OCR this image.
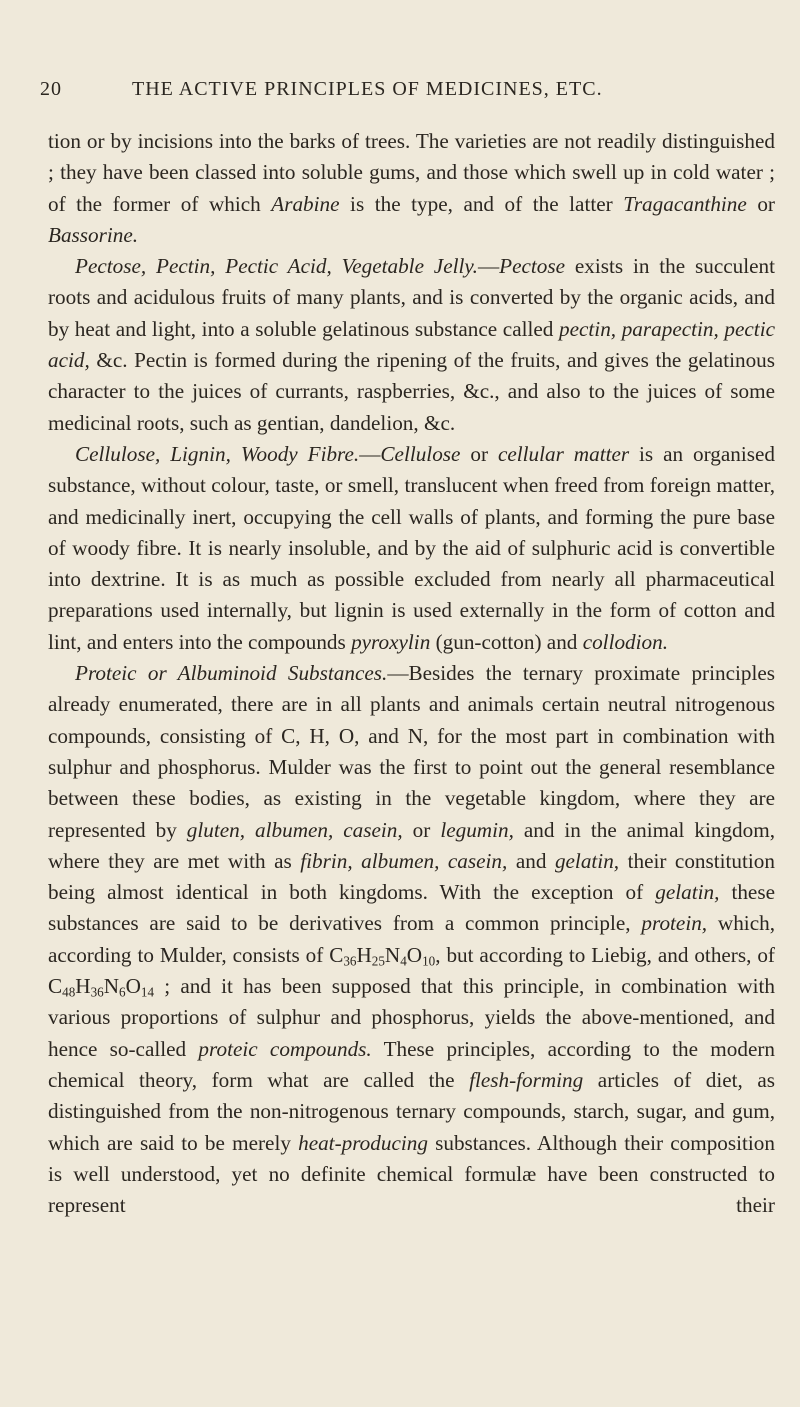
20	THE ACTIVE PRINCIPLES OF MEDICINES, ETC.

tion or by incisions into the barks of trees. The varieties are not readily distinguished ; they have been classed into soluble gums, and those which swell up in cold water ; of the former of which Arabine is the type, and of the latter Tragacanthine or Bassorine.

Pectose, Pectin, Pectic Acid, Vegetable Jelly.—Pectose exists in the succulent roots and acidulous fruits of many plants, and is converted by the organic acids, and by heat and light, into a soluble gelatinous substance called pectin, parapectin, pectic acid, &c. Pectin is formed during the ripening of the fruits, and gives the gelatinous character to the juices of currants, raspberries, &c., and also to the juices of some medicinal roots, such as gentian, dandelion, &c.

Cellulose, Lignin, Woody Fibre.—Cellulose or cellular matter is an organised substance, without colour, taste, or smell, translucent when freed from foreign matter, and medicinally inert, occupying the cell walls of plants, and forming the pure base of woody fibre. It is nearly insoluble, and by the aid of sulphuric acid is convertible into dextrine. It is as much as possible excluded from nearly all pharmaceutical preparations used internally, but lignin is used externally in the form of cotton and lint, and enters into the compounds pyroxylin (gun-cotton) and collodion.

Proteic or Albuminoid Substances.—Besides the ternary proximate principles already enumerated, there are in all plants and animals certain neutral nitrogenous compounds, consisting of C, H, O, and N, for the most part in combination with sulphur and phosphorus. Mulder was the first to point out the general resemblance between these bodies, as existing in the vegetable kingdom, where they are represented by gluten, albumen, casein, or legumin, and in the animal kingdom, where they are met with as fibrin, albumen, casein, and gelatin, their constitution being almost identical in both kingdoms. With the exception of gelatin, these substances are said to be derivatives from a common principle, protein, which, according to Mulder, consists of $C_{36}H_{25}N_4O_{10}$, but according to Liebig, and others, of $C_{48}H_{36}N_6O_{14}$ ; and it has been supposed that this principle, in combination with various proportions of sulphur and phosphorus, yields the above-mentioned, and hence so-called proteic compounds. These principles, according to the modern chemical theory, form what are called the flesh-forming articles of diet, as distinguished from the non-nitrogenous ternary compounds, starch, sugar, and gum, which are said to be merely heat-producing substances. Although their composition is well understood, yet no definite chemical formulæ have been constructed to represent their
